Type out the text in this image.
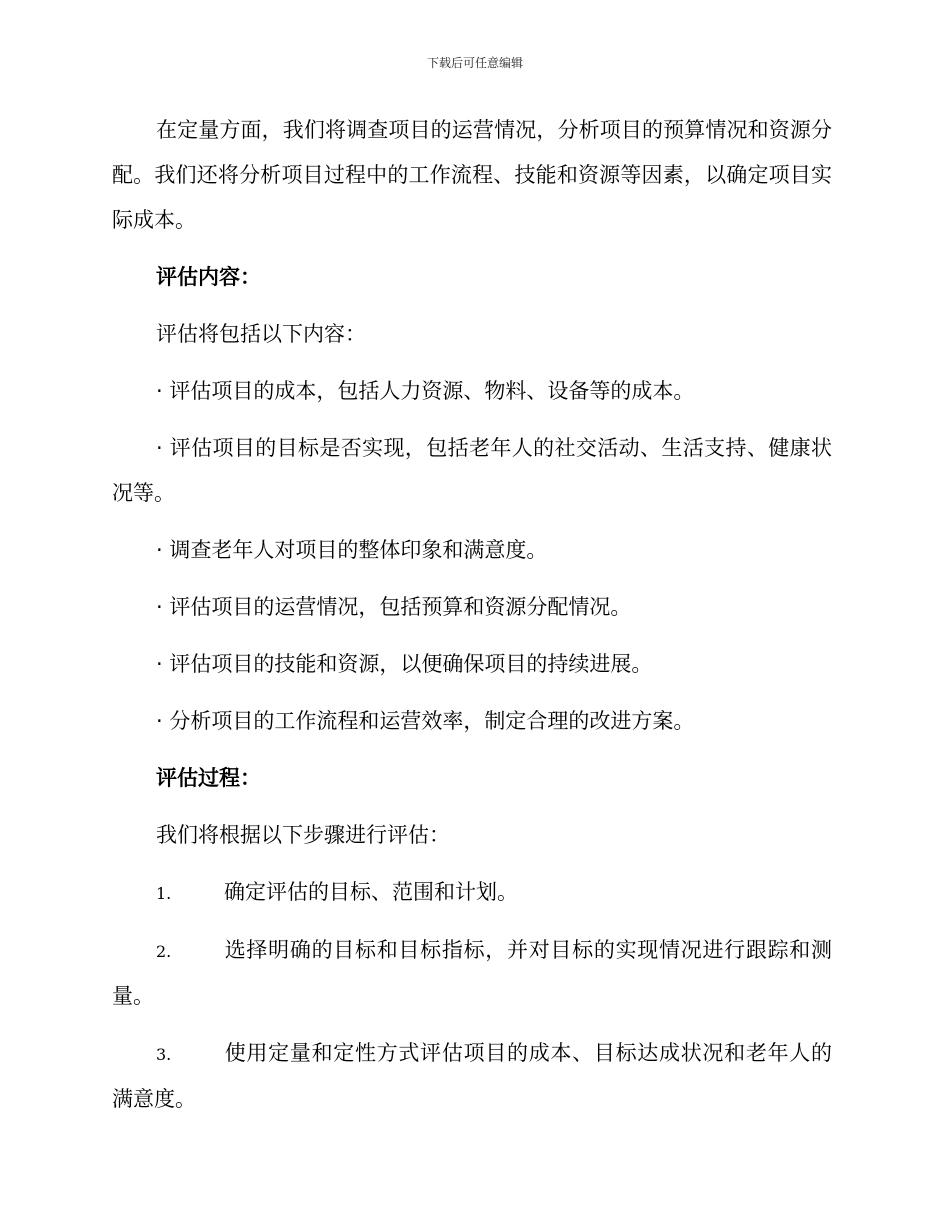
下载后可任意编辑

在定量方面，我们将调查项目的运营情况，分析项目的预算情况和资源分配。我们还将分析项目过程中的工作流程、技能和资源等因素，以确定项目实际成本。

评估内容：

评估将包括以下内容：

· 评估项目的成本，包括人力资源、物料、设备等的成本。

· 评估项目的目标是否实现，包括老年人的社交活动、生活支持、健康状况等。

· 调查老年人对项目的整体印象和满意度。

· 评估项目的运营情况，包括预算和资源分配情况。

· 评估项目的技能和资源，以便确保项目的持续进展。

· 分析项目的工作流程和运营效率，制定合理的改进方案。

评估过程：

我们将根据以下步骤进行评估：

1.	确定评估的目标、范围和计划。

2.	选择明确的目标和目标指标，并对目标的实现情况进行跟踪和测量。

3.	使用定量和定性方式评估项目的成本、目标达成状况和老年人的满意度。
